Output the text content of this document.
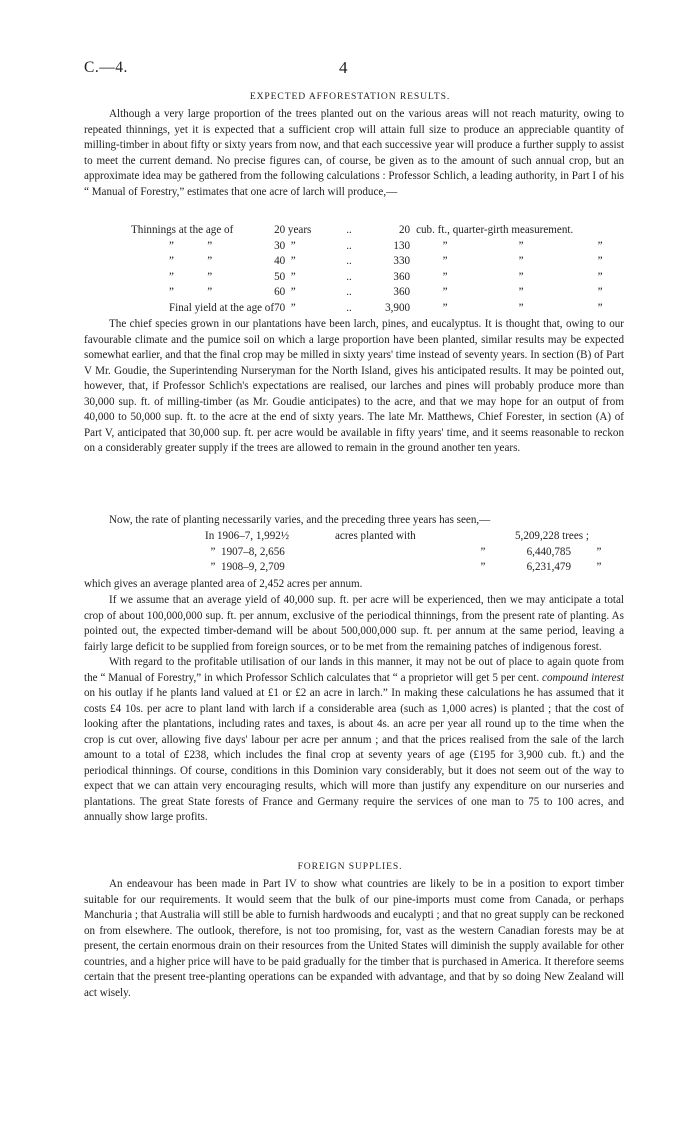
C.—4.	4
EXPECTED AFFORESTATION RESULTS.

Although a very large proportion of the trees planted out on the various areas will not reach maturity, owing to repeated thinnings, yet it is expected that a sufficient crop will attain full size to produce an appreciable quantity of milling-timber in about fifty or sixty years from now, and that each successive year will produce a further supply to assist to meet the current demand. No precise figures can, of course, be given as to the amount of such annual crop, but an approximate idea may be gathered from the following calculations : Professor Schlich, a leading authority, in Part I of his “ Manual of Forestry,” estimates that one acre of larch will produce,—

Thinnings at the age of	20 years	..	20	cub. ft., quarter-girth measurement.		
”            ”	30  ”	..	130	”	”	”
”            ”	40  ”	..	330	”	”	”
”            ”	50  ”	..	360	”	”	”
”            ”	60  ”	..	360	”	”	”
Final yield at the age of	70  ”	..	3,900	”	”	”

The chief species grown in our plantations have been larch, pines, and eucalyptus. It is thought that, owing to our favourable climate and the pumice soil on which a large proportion have been planted, similar results may be expected somewhat earlier, and that the final crop may be milled in sixty years' time instead of seventy years. In section (B) of Part V Mr. Goudie, the Superintending Nurseryman for the North Island, gives his anticipated results. It may be pointed out, however, that, if Professor Schlich's expectations are realised, our larches and pines will probably produce more than 30,000 sup. ft. of milling-timber (as Mr. Goudie anticipates) to the acre, and that we may hope for an output of from 40,000 to 50,000 sup. ft. to the acre at the end of sixty years. The late Mr. Matthews, Chief Forester, in section (A) of Part V, anticipated that 30,000 sup. ft. per acre would be available in fifty years' time, and it seems reasonable to reckon on a considerably greater supply if the trees are allowed to remain in the ground another ten years.

Now, the rate of planting necessarily varies, and the preceding three years has seen,—

In 1906–7, 1,992½	acres planted with		5,209,228 trees ;	
”  1907–8, 2,656		”	6,440,785	”
”  1908–9, 2,709		”	6,231,479	”

which gives an average planted area of 2,452 acres per annum.

If we assume that an average yield of 40,000 sup. ft. per acre will be experienced, then we may anticipate a total crop of about 100,000,000 sup. ft. per annum, exclusive of the periodical thinnings, from the present rate of planting. As pointed out, the expected timber-demand will be about 500,000,000 sup. ft. per annum at the same period, leaving a fairly large deficit to be supplied from foreign sources, or to be met from the remaining patches of indigenous forest.

With regard to the profitable utilisation of our lands in this manner, it may not be out of place to again quote from the “ Manual of Forestry,” in which Professor Schlich calculates that “ a proprietor will get 5 per cent. compound interest on his outlay if he plants land valued at £1 or £2 an acre in larch.” In making these calculations he has assumed that it costs £4 10s. per acre to plant land with larch if a considerable area (such as 1,000 acres) is planted ; that the cost of looking after the plantations, including rates and taxes, is about 4s. an acre per year all round up to the time when the crop is cut over, allowing five days' labour per acre per annum ; and that the prices realised from the sale of the larch amount to a total of £238, which includes the final crop at seventy years of age (£195 for 3,900 cub. ft.) and the periodical thinnings. Of course, conditions in this Dominion vary considerably, but it does not seem out of the way to expect that we can attain very encouraging results, which will more than justify any expenditure on our nurseries and plantations. The great State forests of France and Germany require the services of one man to 75 to 100 acres, and annually show large profits.

FOREIGN SUPPLIES.

An endeavour has been made in Part IV to show what countries are likely to be in a position to export timber suitable for our requirements. It would seem that the bulk of our pine-imports must come from Canada, or perhaps Manchuria ; that Australia will still be able to furnish hardwoods and eucalypti ; and that no great supply can be reckoned on from elsewhere. The outlook, therefore, is not too promising, for, vast as the western Canadian forests may be at present, the certain enormous drain on their resources from the United States will diminish the supply available for other countries, and a higher price will have to be paid gradually for the timber that is purchased in America. It therefore seems certain that the present tree-planting operations can be expanded with advantage, and that by so doing New Zealand will act wisely.
